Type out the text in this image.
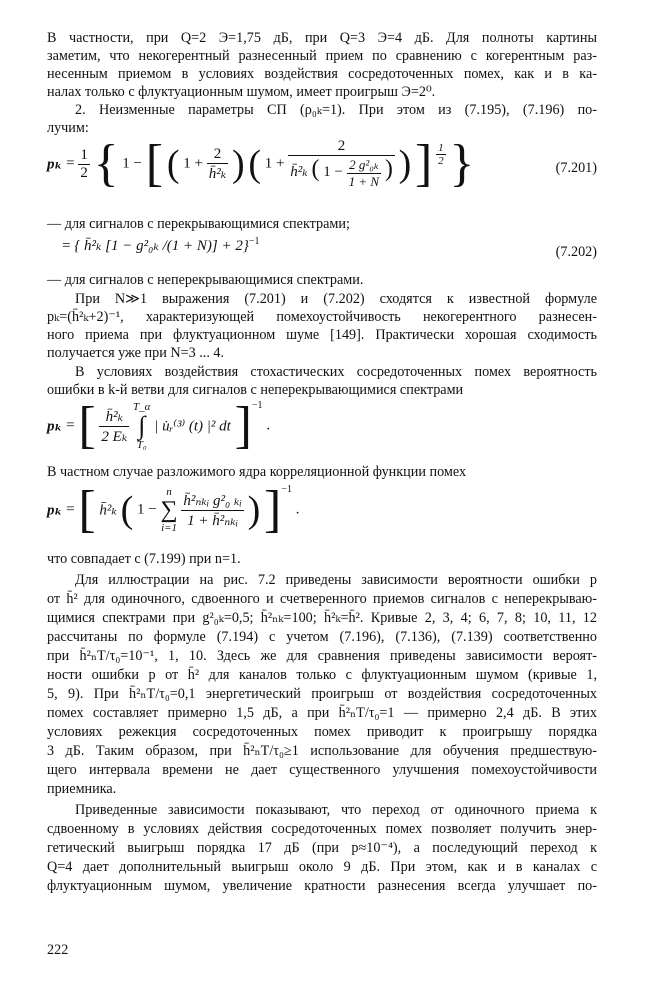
В частности, при Q=2 Э=1,75 дБ, при Q=3 Э=4 дБ. Для полноты картины
заметим, что некогерентный разнесенный прием по сравнению с когерентным раз-
несенным приемом в условиях воздействия сосредоточенных помех, как и в ка-
налах только с флуктуационным шумом, имеет проигрыш Э=2⁰.
2. Неизменные параметры СП (ρ₀ₖ=1). При этом из (7.195), (7.196) по-
лучим:
$p_k = \frac{1}{2}$ { 1 − [ ( $1 + \frac{2}{\text{h̄²ₖ}}$ ) ( 1 +
2
h̄²ₖ ( $1 - \frac{\text{2 g²₀ₖ}}{1 + N}$ ) ) ] $\frac{1}{2}$ }	(7.201)
— для сигналов с перекрывающимися спектрами;
= { h̄²ₖ [1 − g²₀ₖ /(1 + N)] + 2}$^{-1}$
(7.202)
— для сигналов с неперекрывающимися спектрами.
При N≫1 выражения (7.201) и (7.202) сходятся к известной формуле
pₖ=(h̄²ₖ+2)⁻¹, характеризующей помехоустойчивость некогерентного разнесен-
ного приема при флуктуационном шуме [149]. Практически хорошая сходимость
получается уже при N=3 ... 4.
В условиях воздействия стохастических сосредоточенных помех вероятность
ошибки в k-й ветви для сигналов с неперекрывающимися спектрами
pₖ = [ $\frac{\text{h̄²ₖ}}{\text{2 Eₖ}}$
T_α
∫
T₀
| u̇ᵣ⁽³⁾ (t) |² dt ]$^{-1}$ .
В частном случае разложимого ядра корреляционной функции помех
pₖ = [ h̄²ₖ ( 1 −
n
∑
i=1
$\frac{\text{h̄²ₙₖᵢ g²₀ ₖᵢ}}{\text{1 + h̄²ₙₖᵢ}}$ ) ]$^{-1}$ .
что совпадает с (7.199) при n=1.
Для иллюстрации на рис. 7.2 приведены зависимости вероятности ошибки p
от h̄² для одиночного, сдвоенного и счетверенного приемов сигналов с неперекрываю-
щимися спектрами при g²₀ₖ=0,5; h̄²ₙₖ=100; h̄²ₖ=h̄². Кривые 2, 3, 4; 6, 7, 8; 10, 11, 12
рассчитаны по формуле (7.194) с учетом (7.196), (7.136), (7.139) соответственно
при h̄²ₙT/τ₀=10⁻¹, 1, 10. Здесь же для сравнения приведены зависимости вероят-
ности ошибки p от h̄² для каналов только с флуктуационным шумом (кривые 1,
5, 9). При h̄²ₙT/τ₀=0,1 энергетический проигрыш от воздействия сосредоточенных
помех составляет примерно 1,5 дБ, а при h̄²ₙT/τ₀=1 — примерно 2,4 дБ. В этих
условиях режекция сосредоточенных помех приводит к проигрышу порядка
3 дБ. Таким образом, при h̄²ₙT/τ₀≥1 использование для обучения предшествую-
щего интервала времени не дает существенного улучшения помехоустойчивости
приемника.
Приведенные зависимости показывают, что переход от одиночного приема к
сдвоенному в условиях действия сосредоточенных помех позволяет получить энер-
гетический выигрыш порядка 17 дБ (при p≈10⁻⁴), а последующий переход к
Q=4 дает дополнительный выигрыш около 9 дБ. При этом, как и в каналах с
флуктуационным шумом, увеличение кратности разнесения всегда улучшает по-
222
